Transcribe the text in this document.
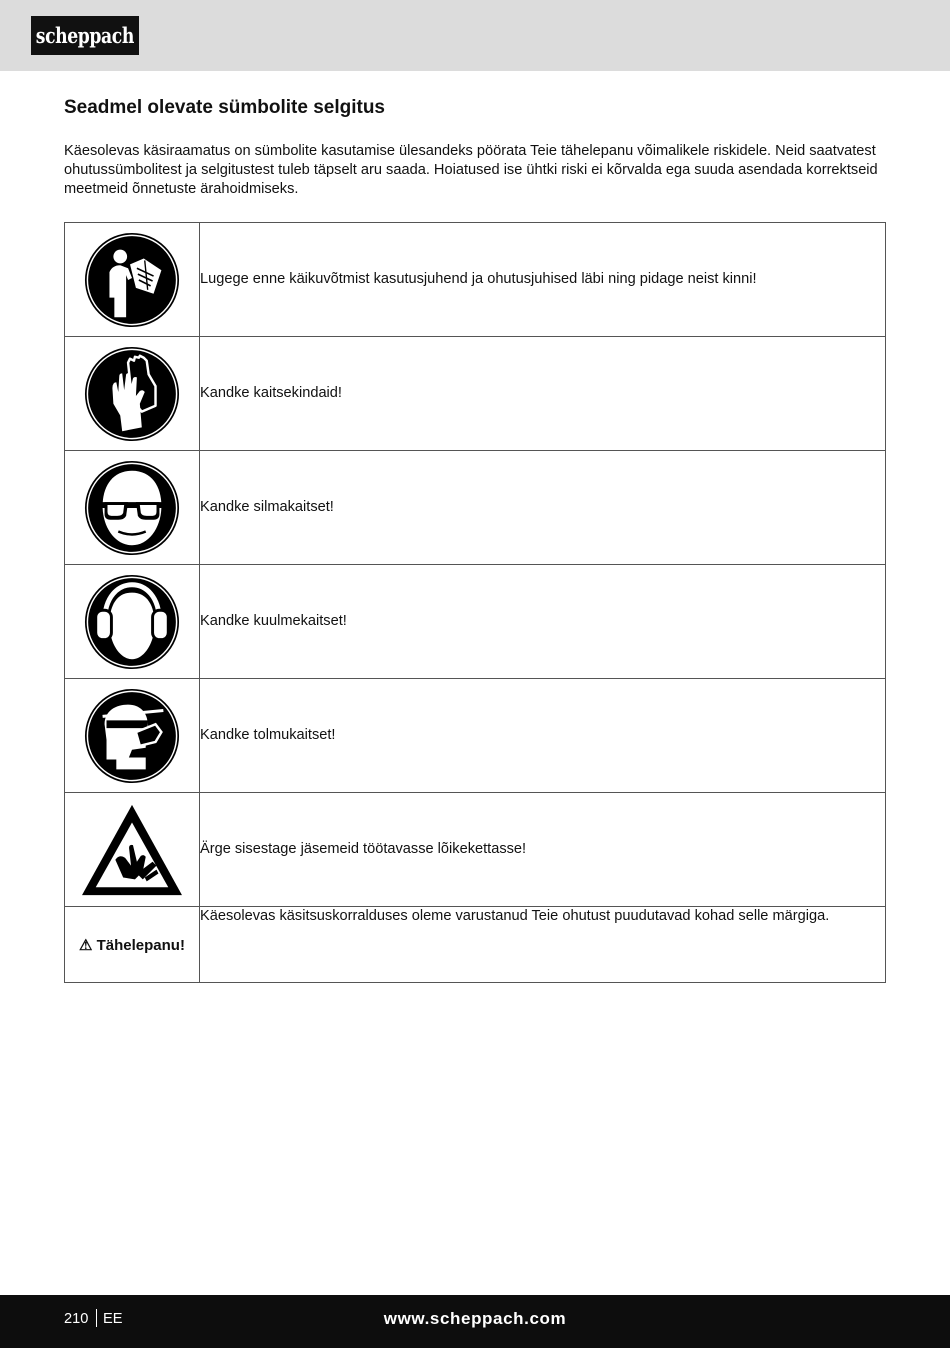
scheppach
Seadmel olevate sümbolite selgitus

Käesolevas käsiraamatus on sümbolite kasutamise ülesandeks pöörata Teie tähelepanu võimalikele riskidele. Neid saatvatest ohutussümbolitest ja selgitustest tuleb täpselt aru saada. Hoiatused ise ühtki riski ei kõrvalda ega suuda asendada korrektseid meetmeid õnnetuste ärahoidmiseks.

	Lugege enne käikuvõtmist kasutusjuhend ja ohutusjuhised läbi ning pidage neist kinni!

	Kandke kaitsekindaid!

	Kandke silmakaitset!

	Kandke kuulmekaitset!

	Kandke tolmukaitset!

	Ärge sisestage jäsemeid töötavasse lõikekettasse!
⚠ Tähelepanu!	Käesolevas käsitsuskorralduses oleme varustanud Teie ohutust puudutavad kohad selle märgiga.
210 EE	www.scheppach.com
